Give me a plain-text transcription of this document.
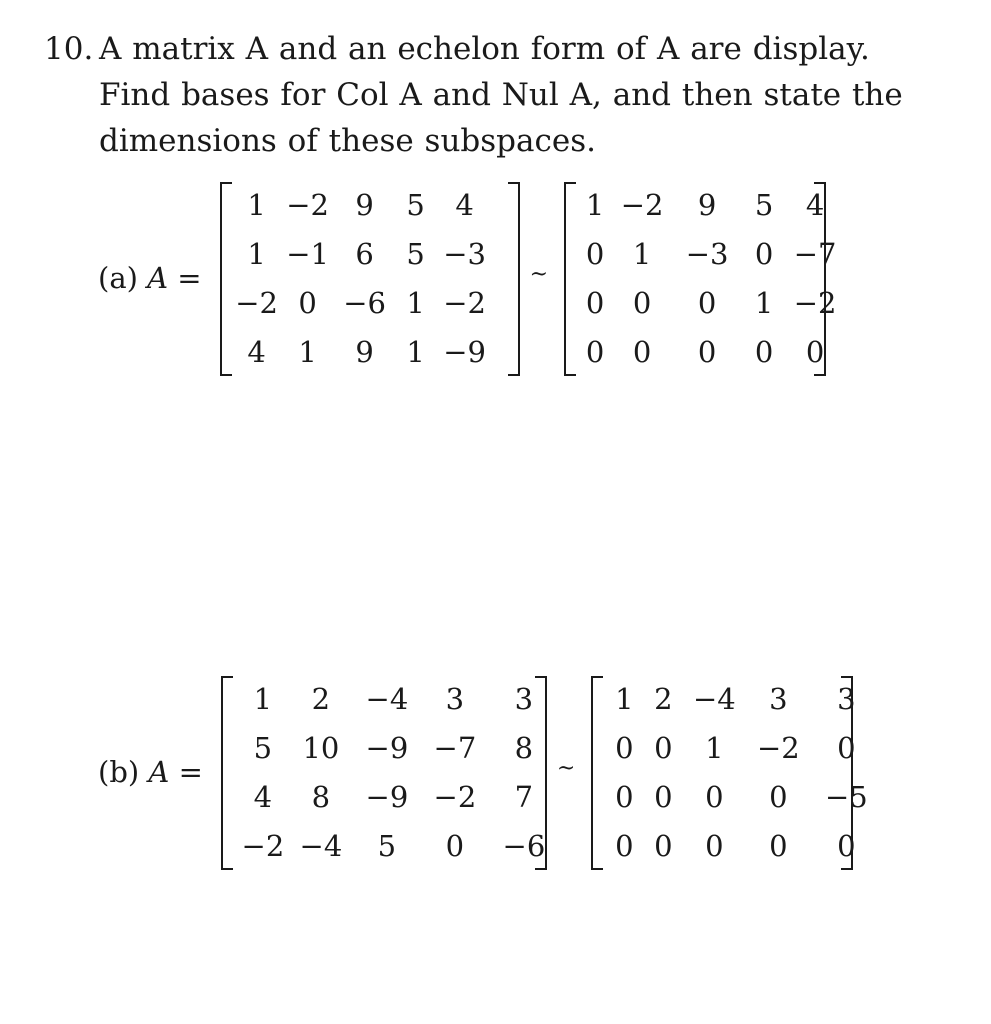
10. A matrix A and an echelon form of A are display.
Find bases for Col A and Nul A, and then state the
dimensions of these subspaces.
(a) A =
1 −2 9	5	4
1 −1 6	5 −3
−2 0 −6 1 −2
4	1	9	1 −9
~
1 −2	9	5	4
0 1	−3 0 −7
0 0	0	1 −2
0 0	0	0	0
(b) A =
1	2	−4	3	3
5	10 −9 −7	8
4	8	−9 −2	7
−2 −4	5	0	−6
~
1 2 −4	3	3
0 0	1	−2	0
0 0	0	0	−5
0 0	0	0	0
